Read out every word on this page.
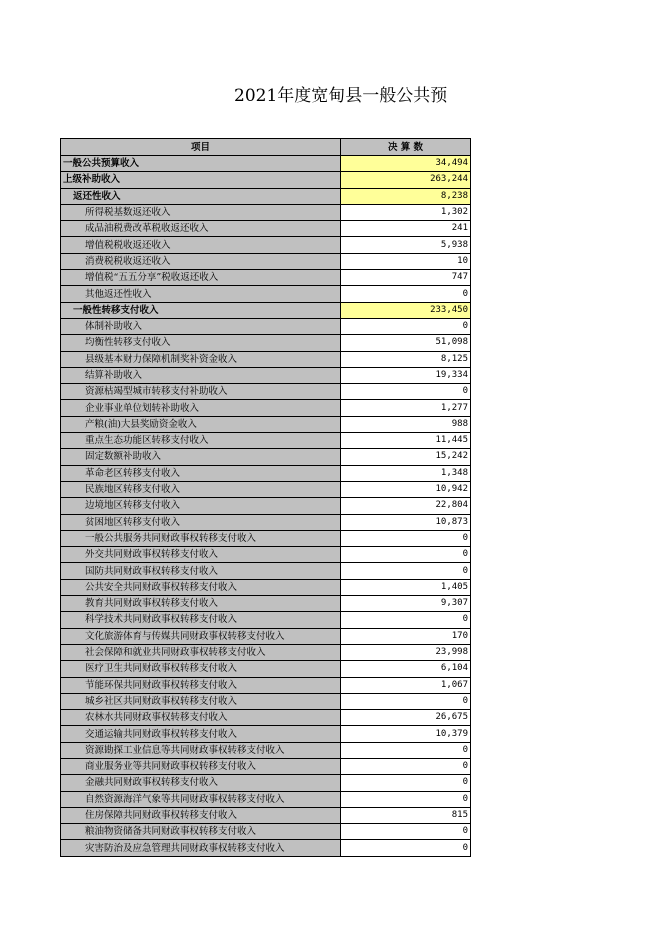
2021年度宽甸县一般公共预
项目	决 算 数
一般公共预算收入	34,494
上级补助收入	263,244
返还性收入	8,238
所得税基数返还收入	1,302
成品油税费改革税收返还收入	241
增值税税收返还收入	5,938
消费税税收返还收入	10
增值税“五五分享”税收返还收入	747
其他返还性收入	0
一般性转移支付收入	233,450
体制补助收入	0
均衡性转移支付收入	51,098
县级基本财力保障机制奖补资金收入	8,125
结算补助收入	19,334
资源枯竭型城市转移支付补助收入	0
企业事业单位划转补助收入	1,277
产粮(油)大县奖励资金收入	988
重点生态功能区转移支付收入	11,445
固定数额补助收入	15,242
革命老区转移支付收入	1,348
民族地区转移支付收入	10,942
边境地区转移支付收入	22,804
贫困地区转移支付收入	10,873
一般公共服务共同财政事权转移支付收入	0
外交共同财政事权转移支付收入	0
国防共同财政事权转移支付收入	0
公共安全共同财政事权转移支付收入	1,405
教育共同财政事权转移支付收入	9,307
科学技术共同财政事权转移支付收入	0
文化旅游体育与传媒共同财政事权转移支付收入	170
社会保障和就业共同财政事权转移支付收入	23,998
医疗卫生共同财政事权转移支付收入	6,104
节能环保共同财政事权转移支付收入	1,067
城乡社区共同财政事权转移支付收入	0
农林水共同财政事权转移支付收入	26,675
交通运输共同财政事权转移支付收入	10,379
资源勘探工业信息等共同财政事权转移支付收入	0
商业服务业等共同财政事权转移支付收入	0
金融共同财政事权转移支付收入	0
自然资源海洋气象等共同财政事权转移支付收入	0
住房保障共同财政事权转移支付收入	815
粮油物资储备共同财政事权转移支付收入	0
灾害防治及应急管理共同财政事权转移支付收入	0
